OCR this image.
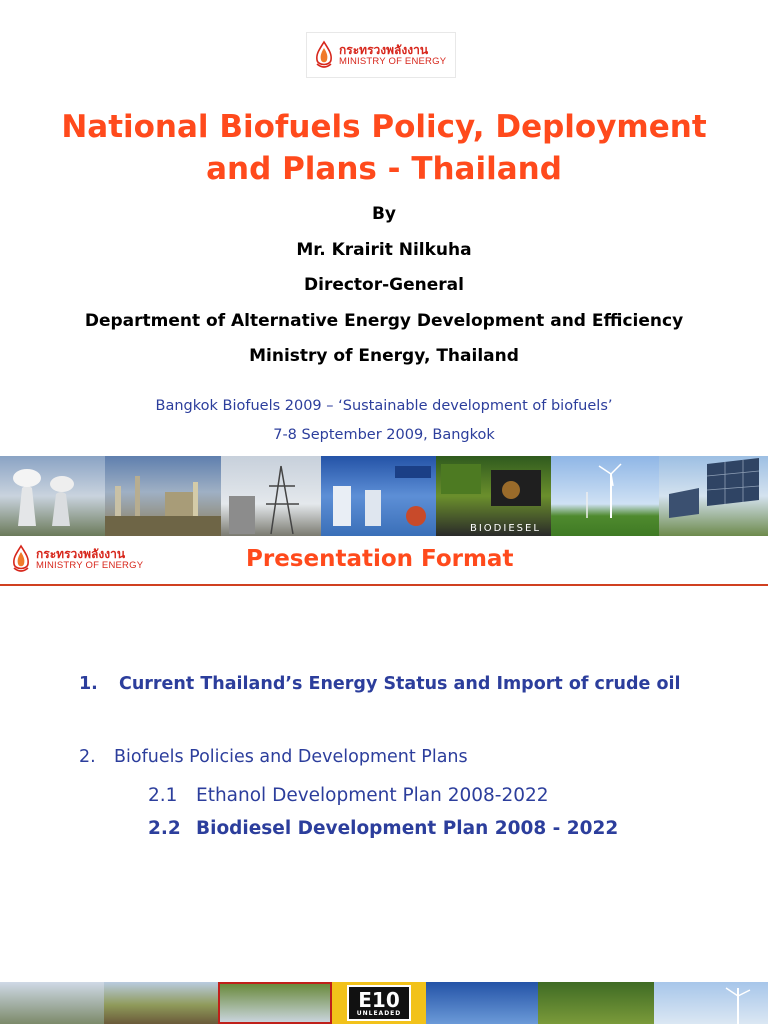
กระทรวงพลังงาน
MINISTRY OF ENERGY
National Biofuels Policy, Deployment
and Plans - Thailand
By
Mr. Krairit Nilkuha
Director-General
Department of Alternative Energy Development and Efficiency
Ministry of Energy, Thailand
Bangkok Biofuels 2009 – ‘Sustainable development of biofuels’
7-8 September 2009, Bangkok
BIODIESEL
กระทรวงพลังงาน
MINISTRY OF ENERGY	Presentation Format
1. Current Thailand’s Energy Status and Import of crude oil
2. Biofuels Policies and Development Plans
2.1 Ethanol Development Plan 2008-2022
2.2 Biodiesel Development Plan 2008 - 2022
E10
UNLEADED
